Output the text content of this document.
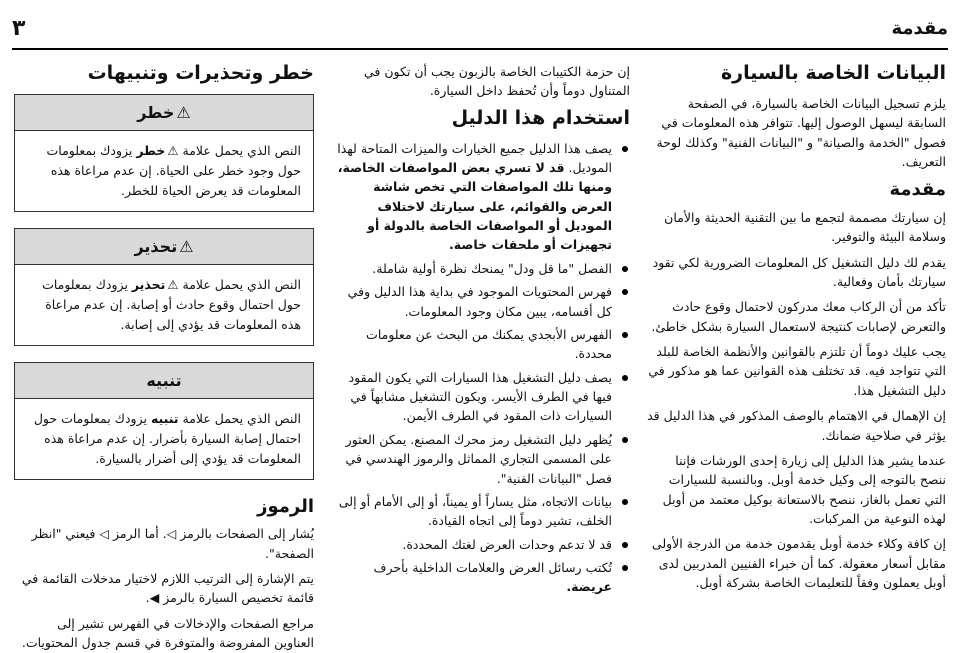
مقدمة
٣
البيانات الخاصة بالسيارة

يلزم تسجيل البيانات الخاصة بالسيارة، في الصفحة السابقة ليسهل الوصول إليها. تتوافر هذه المعلومات في فصول "الخدمة والصيانة" و "البيانات الفنية" وكذلك لوحة التعريف.

مقدمة

إن سيارتك مصممة لتجمع ما بين التقنية الحديثة والأمان وسلامة البيئة والتوفير.

يقدم لك دليل التشغيل كل المعلومات الضرورية لكي تقود سيارتك بأمان وفعالية.

تأكد من أن الركاب معك مدركون لاحتمال وقوع حادث والتعرض لإصابات كنتيجة لاستعمال السيارة بشكل خاطئ.

يجب عليك دوماً أن تلتزم بالقوانين والأنظمة الخاصة للبلد التي تتواجد فيه. قد تختلف هذه القوانين عما هو مذكور في دليل التشغيل هذا.

إن الإهمال في الاهتمام بالوصف المذكور في هذا الدليل قد يؤثر في صلاحية ضمانك.

عندما يشير هذا الدليل إلى زيارة إحدى الورشات فإننا ننصح بالتوجه إلى وكيل خدمة أوبل. وبالنسبة للسيارات التي تعمل بالغاز، ننصح بالاستعانة بوكيل معتمد من أوبل لهذه النوعية من المركبات.

إن كافة وكلاء خدمة أوبل يقدمون خدمة من الدرجة الأولى مقابل أسعار معقولة. كما أن خبراء الفنيين المدربين لدى أوبل يعملون وفقاً للتعليمات الخاصة بشركة أوبل.

إن حزمة الكتيبات الخاصة بالزبون يجب أن تكون في المتناول دوماً وأن تُحفظ داخل السيارة.

استخدام هذا الدليل
يصف هذا الدليل جميع الخيارات والميزات المتاحة لهذا الموديل. قد لا تسري بعض المواصفات الخاصة، ومنها تلك المواصفات التي تخص شاشة العرض والقوائم، على سيارتك لاختلاف الموديل أو المواصفات الخاصة بالدولة أو تجهيزات أو ملحقات خاصة.
الفصل "ما قل ودل" يمنحك نظرة أولية شاملة.
فهرس المحتويات الموجود في بداية هذا الدليل وفي كل أقسامه، يبين مكان وجود المعلومات.
الفهرس الأبجدي يمكنك من البحث عن معلومات محددة.
يصف دليل التشغيل هذا السيارات التي يكون المقود فيها في الطرف الأيسر. ويكون التشغيل مشابهاً في السيارات ذات المقود في الطرف الأيمن.
يُظهر دليل التشغيل رمز محرك المصنع. يمكن العثور على المسمى التجاري المماثل والرموز الهندسي في فصل "البيانات الفنية".
بيانات الاتجاه، مثل يساراً أو يميناً، أو إلى الأمام أو إلى الخلف، تشير دوماً إلى اتجاه القيادة.
قد لا تدعم وحدات العرض لغتك المحددة.
تُكتب رسائل العرض والعلامات الداخلية بأحرف عريضة.
خطر وتحذيرات وتنبيهات
⚠خطر
النص الذي يحمل علامة ⚠خطر يزودك بمعلومات حول وجود خطر على الحياة. إن عدم مراعاة هذه المعلومات قد يعرض الحياة للخطر.
⚠تحذير
النص الذي يحمل علامة ⚠تحذير يزودك بمعلومات حول احتمال وقوع حادث أو إصابة. إن عدم مراعاة هذه المعلومات قد يؤدي إلى إصابة.
تنبيه
النص الذي يحمل علامة تنبيه يزودك بمعلومات حول احتمال إصابة السيارة بأضرار. إن عدم مراعاة هذه المعلومات قد يؤدي إلى أضرار بالسيارة.
الرموز

يُشار إلى الصفحات بالرمز ◁. أما الرمز ◁ فيعني "انظر الصفحة".

يتم الإشارة إلى الترتيب اللازم لاختيار مدخلات القائمة في قائمة تخصيص السيارة بالرمز ◀.

مراجع الصفحات والإدخالات في الفهرس تشير إلى العناوين المفروضة والمتوفرة في قسم جدول المحتويات.
